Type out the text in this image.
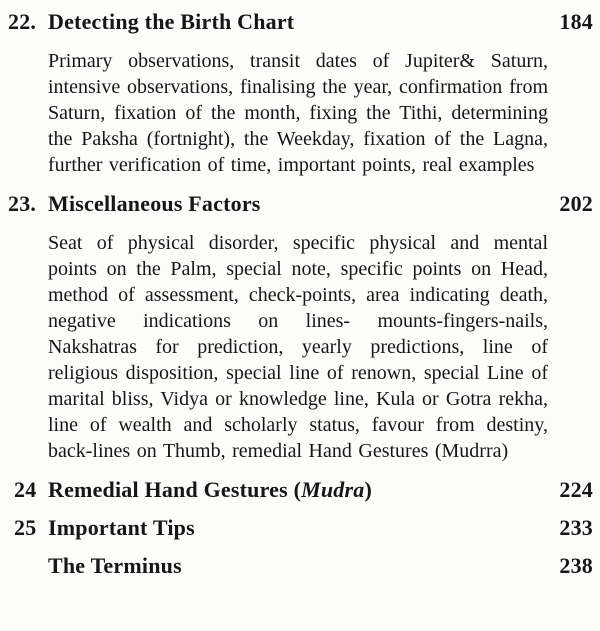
22. Detecting the Birth Chart	184

Primary observations, transit dates of Jupiter& Saturn, intensive observations, finalising the year, confirmation from Saturn, fixation of the month, fixing the Tithi, determining the Paksha (fortnight), the Weekday, fixation of the Lagna, further verification of time, important points, real examples

23. Miscellaneous Factors	202

Seat of physical disorder, specific physical and mental points on the Palm, special note, specific points on Head, method of assessment, check-points, area indicating death, negative indications on lines- mounts-fingers-nails, Nakshatras for prediction, yearly predictions, line of religious disposition, special line of renown, special Line of marital bliss, Vidya or knowledge line, Kula or Gotra rekha, line of wealth and scholarly status, favour from destiny, back-lines on Thumb, remedial Hand Gestures (Mudrra)

24 Remedial Hand Gestures (Mudra)	224
25 Important Tips	233
The Terminus	238
